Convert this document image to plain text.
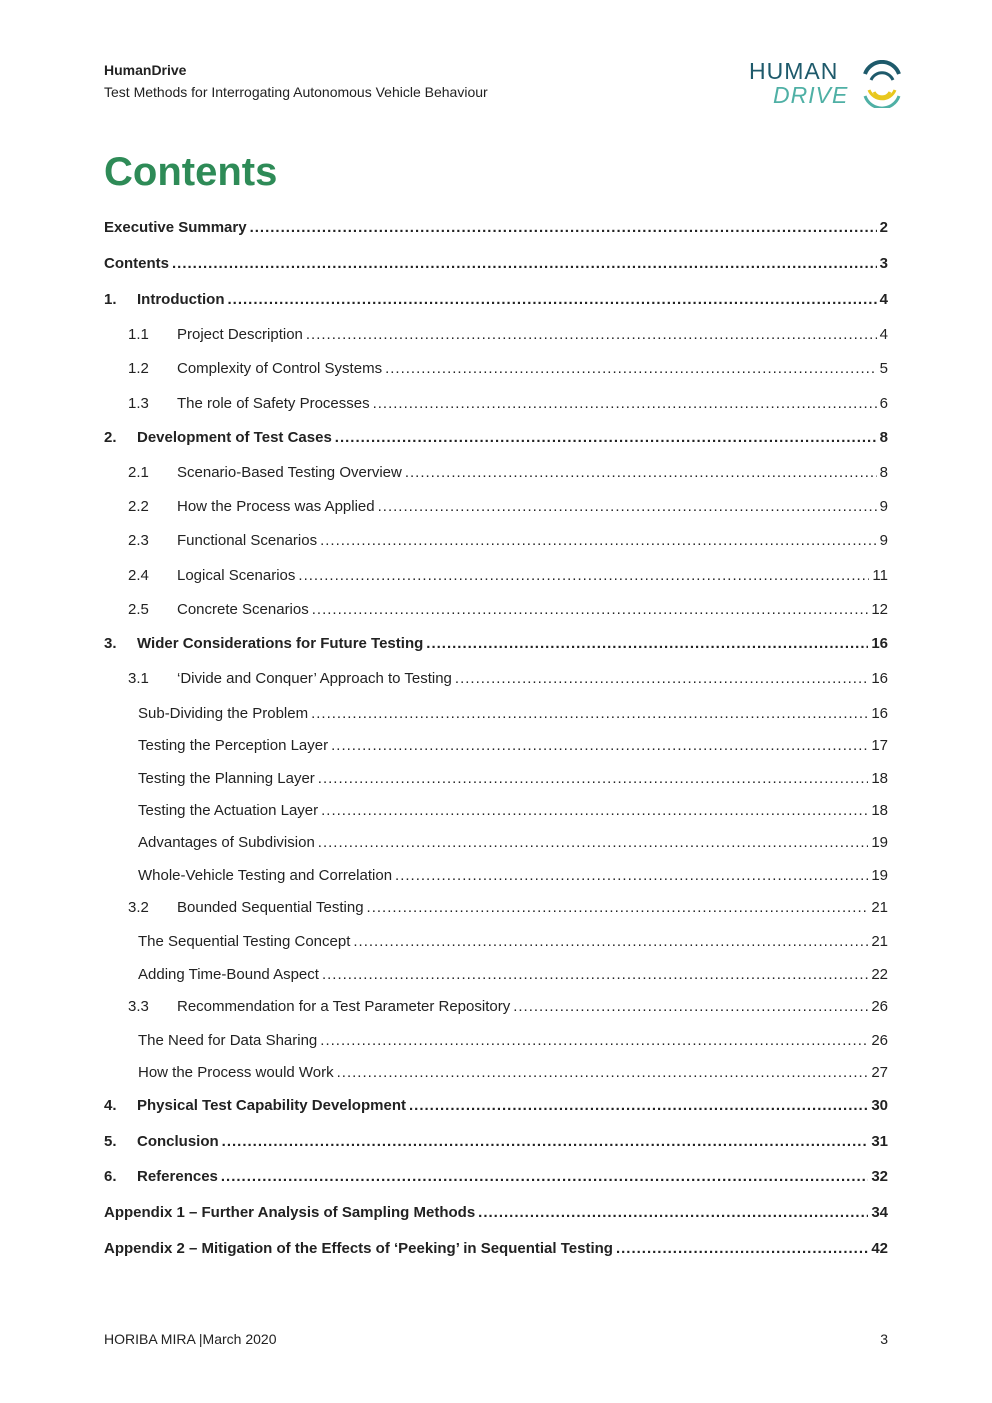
HumanDrive
Test Methods for Interrogating Autonomous Vehicle Behaviour
HUMAN
DRIVE
Contents
Executive Summary .....	2
Contents .....	3
1.	Introduction .....	4
1.1	Project Description .....	4
1.2	Complexity of Control Systems .....	5
1.3	The role of Safety Processes .....	6
2.	Development of Test Cases .....	8
2.1	Scenario-Based Testing Overview .....	8
2.2	How the Process was Applied .....	9
2.3	Functional Scenarios .....	9
2.4	Logical Scenarios .....	11
2.5	Concrete Scenarios .....	12
3.	Wider Considerations for Future Testing .....	16
3.1	‘Divide and Conquer’ Approach to Testing .....	16
Sub-Dividing the Problem .....	16
Testing the Perception Layer .....	17
Testing the Planning Layer .....	18
Testing the Actuation Layer .....	18
Advantages of Subdivision .....	19
Whole-Vehicle Testing and Correlation .....	19
3.2	Bounded Sequential Testing .....	21
The Sequential Testing Concept .....	21
Adding Time-Bound Aspect .....	22
3.3	Recommendation for a Test Parameter Repository .....	26
The Need for Data Sharing .....	26
How the Process would Work .....	27
4.	Physical Test Capability Development .....	30
5.	Conclusion .....	31
6.	References .....	32
Appendix 1 – Further Analysis of Sampling Methods .....	34
Appendix 2 – Mitigation of the Effects of ‘Peeking’ in Sequential Testing .....	42
HORIBA MIRA |March 2020	3
